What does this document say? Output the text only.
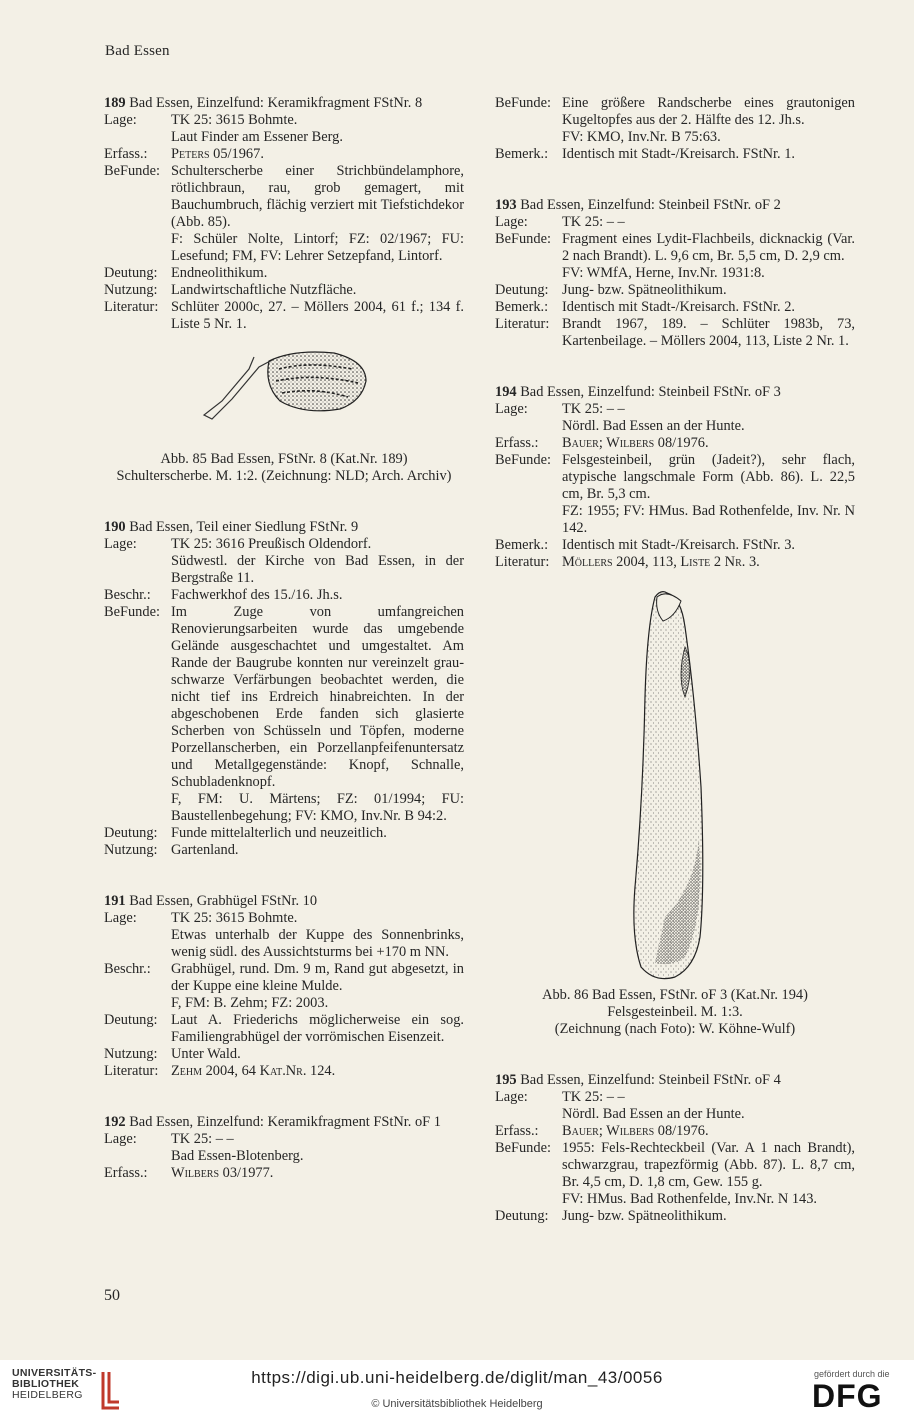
Bad Essen
189 Bad Essen, Einzelfund: Keramikfragment FStNr. 8
Lage:	TK 25: 3615 Bohmte.
Laut Finder am Essener Berg.
Erfass.:	Peters 05/1967.
BeFunde: Schulterscherbe einer Strichbündelamphore, rötlichbraun, rau, grob gemagert, mit Bauchumbruch, flächig verziert mit Tiefstichdekor (Abb. 85).
F: Schüler Nolte, Lintorf; FZ: 02/1967; FU: Lesefund; FM, FV: Lehrer Setzepfand, Lintorf.
Deutung: Endneolithikum.
Nutzung: Landwirtschaftliche Nutzfläche.
Literatur: Schlüter 2000c, 27. – Möllers 2004, 61 f.; 134 f. Liste 5 Nr. 1.
Abb. 85 Bad Essen, FStNr. 8 (Kat.Nr. 189)
Schulterscherbe. M. 1:2. (Zeichnung: NLD; Arch. Archiv)
190 Bad Essen, Teil einer Siedlung FStNr. 9
Lage:	TK 25: 3616 Preußisch Oldendorf.
Südwestl. der Kirche von Bad Essen, in der Bergstraße 11.
Beschr.:	Fachwerkhof des 15./16. Jh.s.
BeFunde: Im Zuge von umfangreichen Renovierungsarbeiten wurde das umgebende Gelände ausgeschachtet und umgestaltet. Am Rande der Baugrube konnten nur vereinzelt grau-schwarze Verfärbungen beobachtet werden, die nicht tief ins Erdreich hinabreichten. In der abgeschobenen Erde fanden sich glasierte Scherben von Schüsseln und Töpfen, moderne Porzellanscherben, ein Porzellanpfeifenuntersatz und Metallgegenstände: Knopf, Schnalle, Schubladenknopf.
F, FM: U. Märtens; FZ: 01/1994; FU: Baustellenbegehung; FV: KMO, Inv.Nr. B 94:2.
Deutung: Funde mittelalterlich und neuzeitlich.
Nutzung: Gartenland.
191 Bad Essen, Grabhügel FStNr. 10
Lage:	TK 25: 3615 Bohmte.
Etwas unterhalb der Kuppe des Sonnenbrinks, wenig südl. des Aussichtsturms bei +170 m NN.
Beschr.:	Grabhügel, rund. Dm. 9 m, Rand gut abgesetzt, in der Kuppe eine kleine Mulde.
F, FM: B. Zehm; FZ: 2003.
Deutung: Laut A. Friederichs möglicherweise ein sog. Familiengrabhügel der vorrömischen Eisenzeit.
Nutzung: Unter Wald.
Literatur: Zehm 2004, 64 Kat.Nr. 124.
192 Bad Essen, Einzelfund: Keramikfragment FStNr. oF 1
Lage:	TK 25: – –
Bad Essen-Blotenberg.
Erfass.:	Wilbers 03/1977.
BeFunde: Eine größere Randscherbe eines grautonigen Kugeltopfes aus der 2. Hälfte des 12. Jh.s.
FV: KMO, Inv.Nr. B 75:63.
Bemerk.: Identisch mit Stadt-/Kreisarch. FStNr. 1.
193 Bad Essen, Einzelfund: Steinbeil FStNr. oF 2
Lage:	TK 25: – –
BeFunde: Fragment eines Lydit-Flachbeils, dicknackig (Var. 2 nach Brandt). L. 9,6 cm, Br. 5,5 cm, D. 2,9 cm.
FV: WMfA, Herne, Inv.Nr. 1931:8.
Deutung: Jung- bzw. Spätneolithikum.
Bemerk.: Identisch mit Stadt-/Kreisarch. FStNr. 2.
Literatur: Brandt 1967, 189. – Schlüter 1983b, 73, Kartenbeilage. – Möllers 2004, 113, Liste 2 Nr. 1.
194 Bad Essen, Einzelfund: Steinbeil FStNr. oF 3
Lage:	TK 25: – –
Nördl. Bad Essen an der Hunte.
Erfass.:	Bauer; Wilbers 08/1976.
BeFunde: Felsgesteinbeil, grün (Jadeit?), sehr flach, atypische langschmale Form (Abb. 86). L. 22,5 cm, Br. 5,3 cm.
FZ: 1955; FV: HMus. Bad Rothenfelde, Inv. Nr. N 142.
Bemerk.: Identisch mit Stadt-/Kreisarch. FStNr. 3.
Literatur: Möllers 2004, 113, Liste 2 Nr. 3.
Abb. 86 Bad Essen, FStNr. oF 3 (Kat.Nr. 194)
Felsgesteinbeil. M. 1:3.
(Zeichnung (nach Foto): W. Köhne-Wulf)
195 Bad Essen, Einzelfund: Steinbeil FStNr. oF 4
Lage:	TK 25: – –
Nördl. Bad Essen an der Hunte.
Erfass.:	Bauer; Wilbers 08/1976.
BeFunde: 1955: Fels-Rechteckbeil (Var. A 1 nach Brandt), schwarzgrau, trapezförmig (Abb. 87). L. 8,7 cm, Br. 4,5 cm, D. 1,8 cm, Gew. 155 g.
FV: HMus. Bad Rothenfelde, Inv.Nr. N 143.
Deutung: Jung- bzw. Spätneolithikum.
50
UNIVERSITÄTS-
BIBLIOTHEK
HEIDELBERG
https://digi.ub.uni-heidelberg.de/diglit/man_43/0056
© Universitätsbibliothek Heidelberg
gefördert durch die
DFG
